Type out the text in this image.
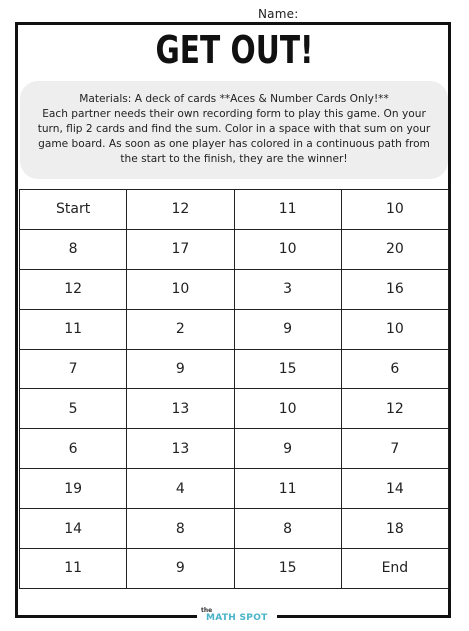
Name:
GET OUT!
Materials: A deck of cards **Aces & Number Cards Only!**
Each partner needs their own recording form to play this game. On your turn, flip 2 cards and find the sum. Color in a space with that sum on your game board. As soon as one player has colored in a continuous path from the start to the finish, they are the winner!
Start	12	11	10
8	17	10	20
12	10	3	16
11	2	9	10
7	9	15	6
5	13	10	12
6	13	9	7
19	4	11	14
14	8	8	18
11	9	15	End
the
MATH SPOT
